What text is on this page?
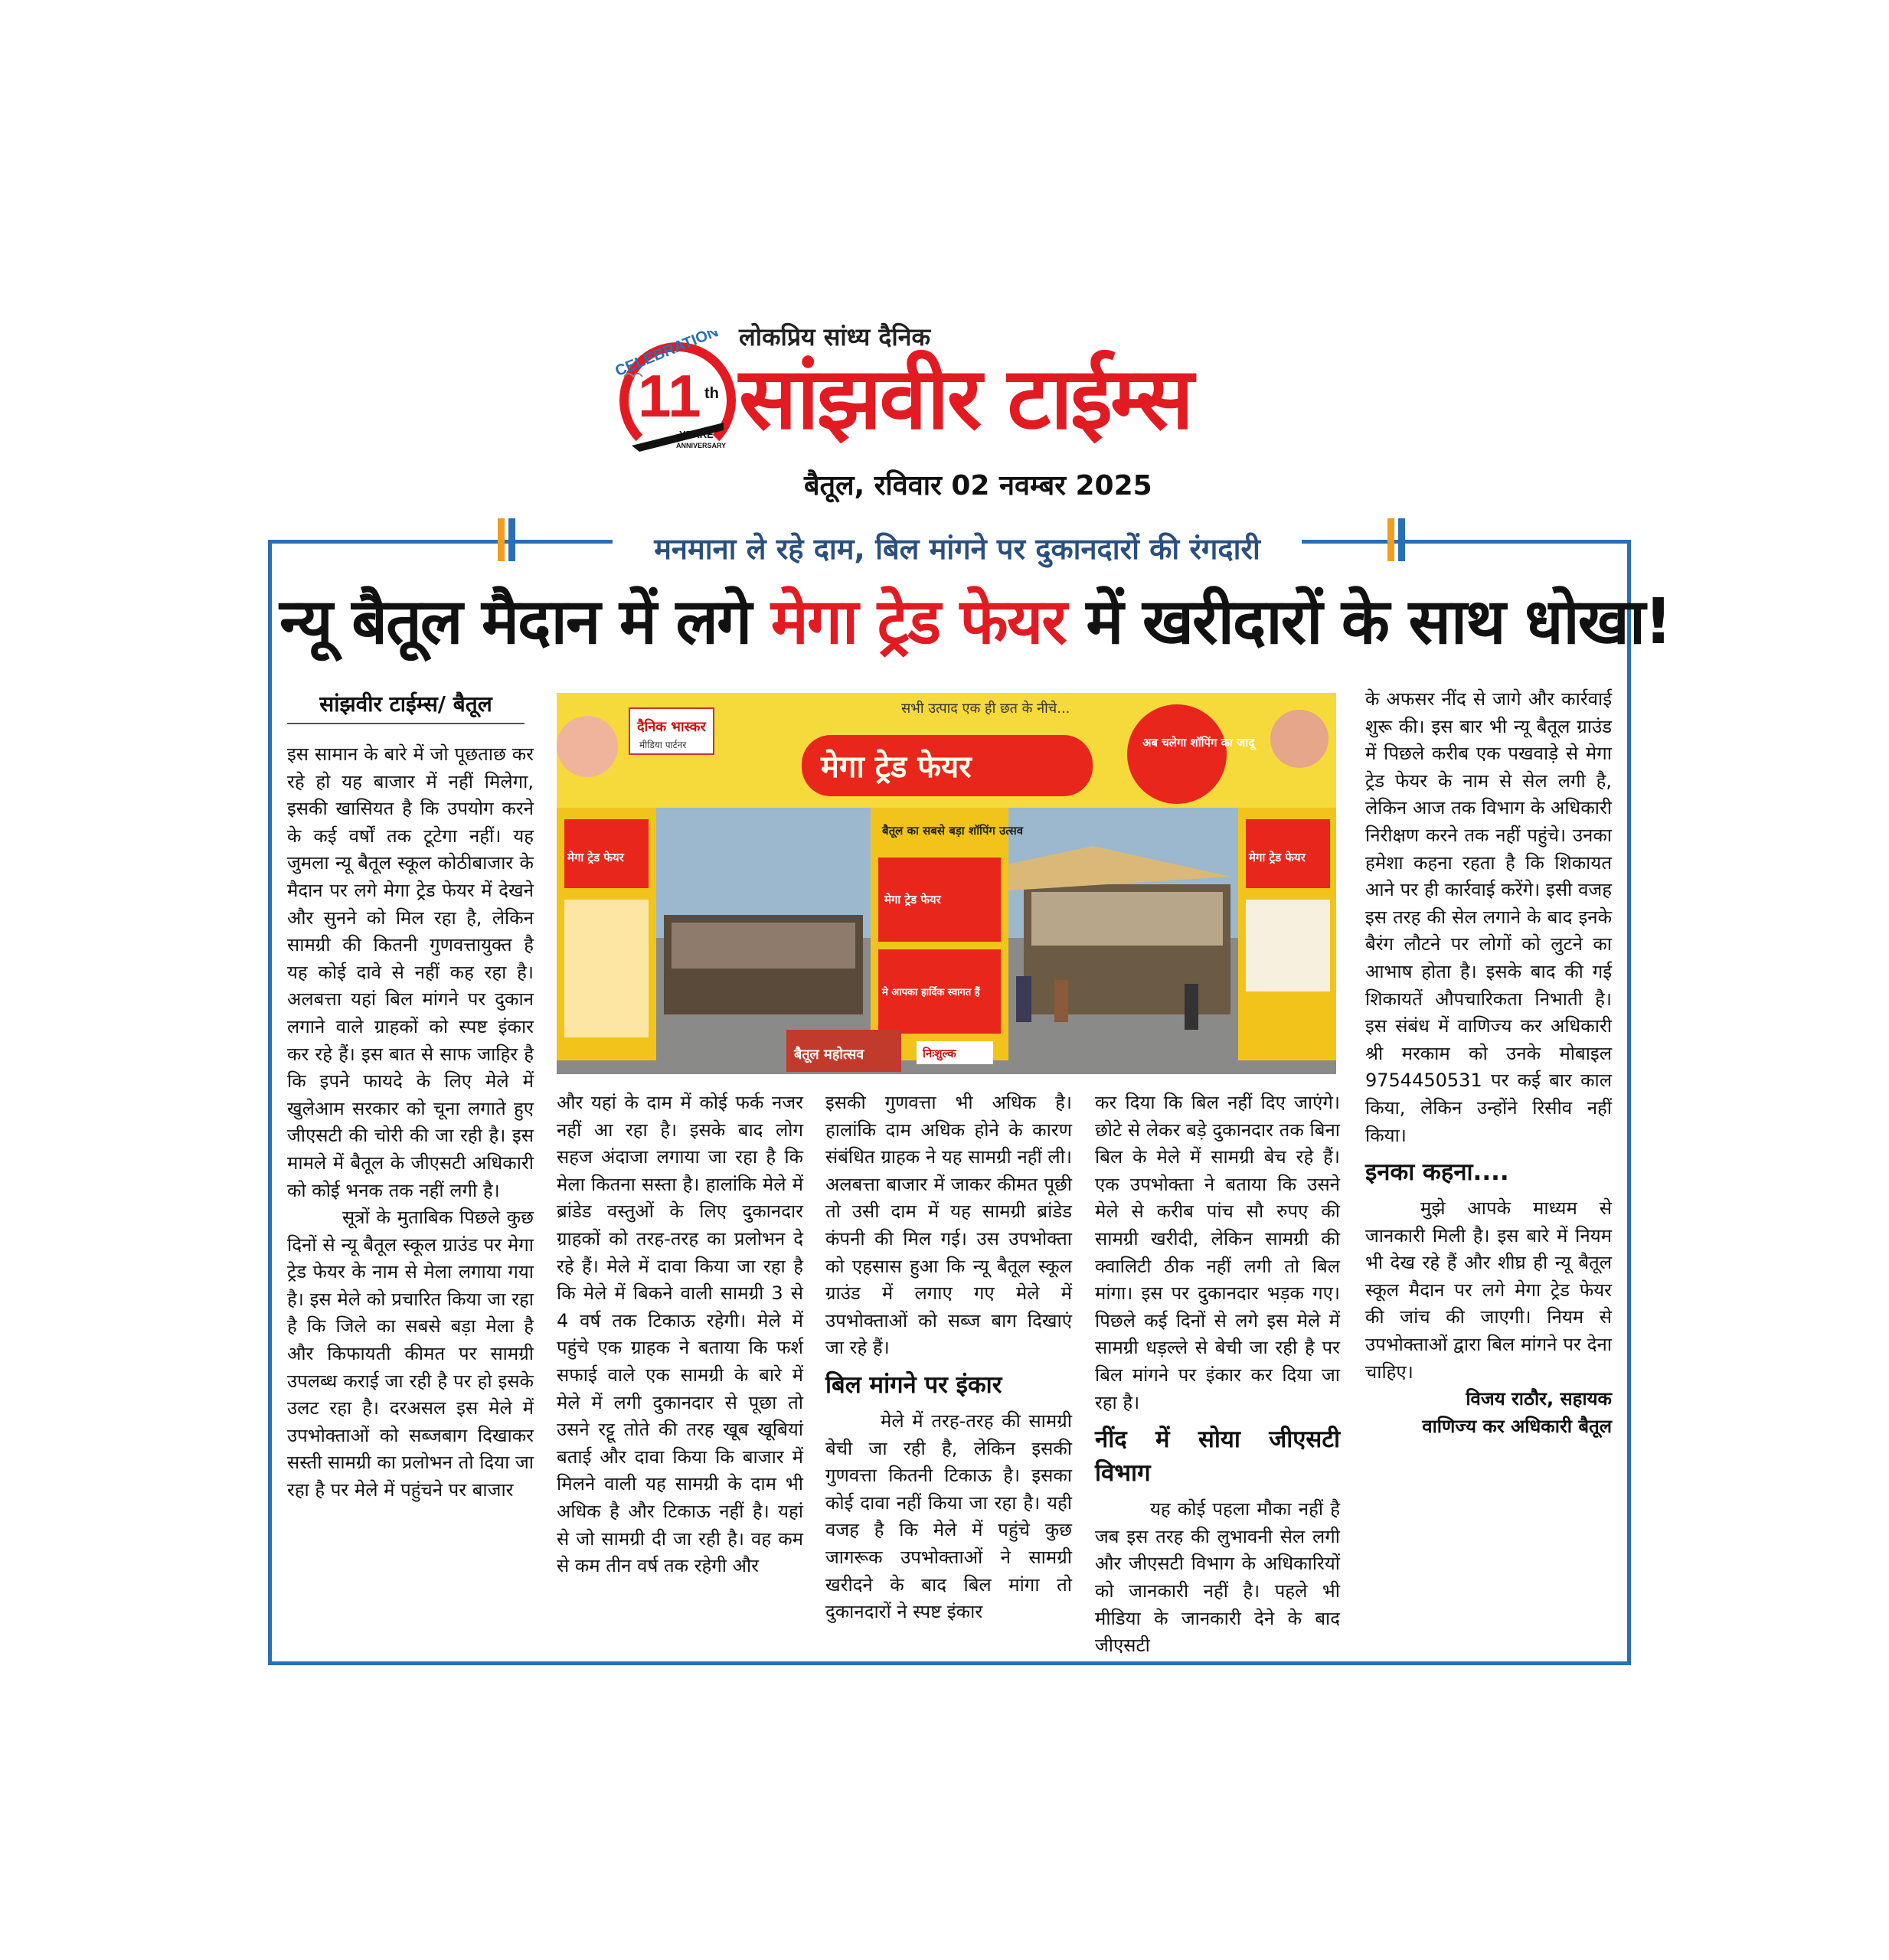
CELEBRATION
11 th
YEARE
ANNIVERSARY
लोकप्रिय सांध्य दैनिक
सांझवीर टाईम्स
बैतूल, रविवार 02 नवम्बर 2025
मनमाना ले रहे दाम, बिल मांगने पर दुकानदारों की रंगदारी
न्यू बैतूल मैदान में लगे मेगा ट्रेड फेयर में खरीदारों के साथ धोखा!
सांझवीर टाईम्स/ बैतूल	सभी उत्पाद एक ही छत के नीचे...
दैनिक भास्कर
मीडिया पार्टनर
मेगा ट्रेड फेयर
अब चलेगा शॉपिंग का जादू
मेगा ट्रेड फेयर	मेगा ट्रेड फेयर
बैतूल का सबसे बड़ा शॉपिंग उत्सव
मेगा ट्रेड फेयर
मे आपका हार्दिक स्वागत हैं
निःशुल्क
बैतूल महोत्सव

इस सामान के बारे में जो पूछताछ कर रहे हो यह बाजार में नहीं मिलेगा, इसकी खासियत है कि उपयोग करने के कई वर्षों तक टूटेगा नहीं। यह जुमला न्यू बैतूल स्कूल कोठीबाजार के मैदान पर लगे मेगा ट्रेड फेयर में देखने और सुनने को मिल रहा है, लेकिन सामग्री की कितनी गुणवत्तायुक्त है यह कोई दावे से नहीं कह रहा है। अलबत्ता यहां बिल मांगने पर दुकान लगाने वाले ग्राहकों को स्पष्ट इंकार कर रहे हैं। इस बात से साफ जाहिर है कि इपने फायदे के लिए मेले में खुलेआम सरकार को चूना लगाते हुए जीएसटी की चोरी की जा रही है। इस मामले में बैतूल के जीएसटी अधिकारी को कोई भनक तक नहीं लगी है।

सूत्रों के मुताबिक पिछले कुछ दिनों से न्यू बैतूल स्कूल ग्राउंड पर मेगा ट्रेड फेयर के नाम से मेला लगाया गया है। इस मेले को प्रचारित किया जा रहा है कि जिले का सबसे बड़ा मेला है और किफायती कीमत पर सामग्री उपलब्ध कराई जा रही है पर हो इसके उलट रहा है। दरअसल इस मेले में उपभोक्ताओं को सब्जबाग दिखाकर सस्ती सामग्री का प्रलोभन तो दिया जा रहा है पर मेले में पहुंचने पर बाजार

और यहां के दाम में कोई फर्क नजर नहीं आ रहा है। इसके बाद लोग सहज अंदाजा लगाया जा रहा है कि मेला कितना सस्ता है। हालांकि मेले में ब्रांडेड वस्तुओं के लिए दुकानदार ग्राहकों को तरह-तरह का प्रलोभन दे रहे हैं। मेले में दावा किया जा रहा है कि मेले में बिकने वाली सामग्री 3 से 4 वर्ष तक टिकाऊ रहेगी। मेले में पहुंचे एक ग्राहक ने बताया कि फर्श सफाई वाले एक सामग्री के बारे में मेले में लगी दुकानदार से पूछा तो उसने रट्टू तोते की तरह खूब खूबियां बताई और दावा किया कि बाजार में मिलने वाली यह सामग्री के दाम भी अधिक है और टिकाऊ नहीं है। यहां से जो सामग्री दी जा रही है। वह कम से कम तीन वर्ष तक रहेगी और

इसकी गुणवत्ता भी अधिक है। हालांकि दाम अधिक होने के कारण संबंधित ग्राहक ने यह सामग्री नहीं ली। अलबत्ता बाजार में जाकर कीमत पूछी तो उसी दाम में यह सामग्री ब्रांडेड कंपनी की मिल गई। उस उपभोक्ता को एहसास हुआ कि न्यू बैतूल स्कूल ग्राउंड में लगाए गए मेले में उपभोक्ताओं को सब्ज बाग दिखाएं जा रहे हैं।

बिल मांगने पर इंकार

मेले में तरह-तरह की सामग्री बेची जा रही है, लेकिन इसकी गुणवत्ता कितनी टिकाऊ है। इसका कोई दावा नहीं किया जा रहा है। यही वजह है कि मेले में पहुंचे कुछ जागरूक उपभोक्ताओं ने सामग्री खरीदने के बाद बिल मांगा तो दुकानदारों ने स्पष्ट इंकार

कर दिया कि बिल नहीं दिए जाएंगे। छोटे से लेकर बड़े दुकानदार तक बिना बिल के मेले में सामग्री बेच रहे हैं। एक उपभोक्ता ने बताया कि उसने मेले से करीब पांच सौ रुपए की सामग्री खरीदी, लेकिन सामग्री की क्वालिटी ठीक नहीं लगी तो बिल मांगा। इस पर दुकानदार भड़क गए। पिछले कई दिनों से लगे इस मेले में सामग्री धड़ल्ले से बेची जा रही है पर बिल मांगने पर इंकार कर दिया जा रहा है।

नींद में सोया जीएसटी विभाग

यह कोई पहला मौका नहीं है जब इस तरह की लुभावनी सेल लगी और जीएसटी विभाग के अधिकारियों को जानकारी नहीं है। पहले भी मीडिया के जानकारी देने के बाद जीएसटी

के अफसर नींद से जागे और कार्रवाई शुरू की। इस बार भी न्यू बैतूल ग्राउंड में पिछले करीब एक पखवाड़े से मेगा ट्रेड फेयर के नाम से सेल लगी है, लेकिन आज तक विभाग के अधिकारी निरीक्षण करने तक नहीं पहुंचे। उनका हमेशा कहना रहता है कि शिकायत आने पर ही कार्रवाई करेंगे। इसी वजह इस तरह की सेल लगाने के बाद इनके बैरंग लौटने पर लोगों को लुटने का आभाष होता है। इसके बाद की गई शिकायतें औपचारिकता निभाती है। इस संबंध में वाणिज्य कर अधिकारी श्री मरकाम को उनके मोबाइल 9754450531 पर कई बार काल किया, लेकिन उन्होंने रिसीव नहीं किया।

इनका कहना....

मुझे आपके माध्यम से जानकारी मिली है। इस बारे में नियम भी देख रहे हैं और शीघ्र ही न्यू बैतूल स्कूल मैदान पर लगे मेगा ट्रेड फेयर की जांच की जाएगी। नियम से उपभोक्ताओं द्वारा बिल मांगने पर देना चाहिए।

विजय राठौर, सहायक
वाणिज्य कर अधिकारी बैतूल
